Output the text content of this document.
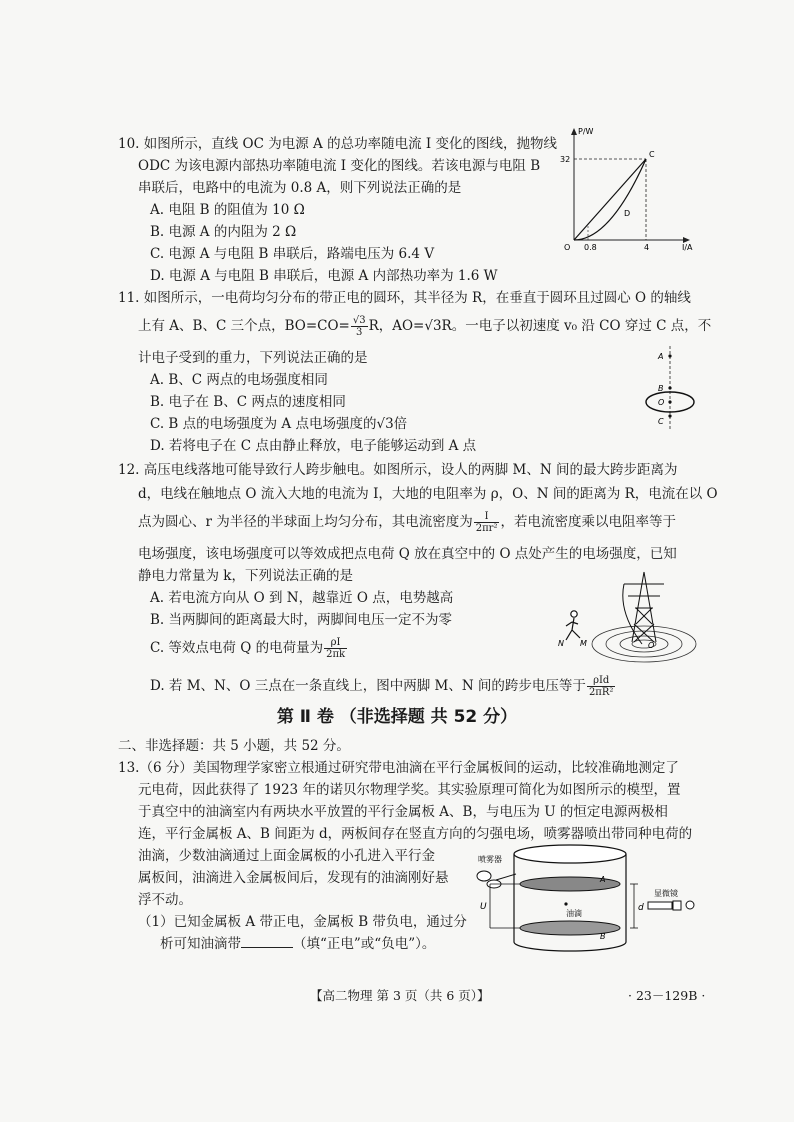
10. 如图所示，直线 OC 为电源 A 的总功率随电流 I 变化的图线，抛物线
ODC 为该电源内部热功率随电流 I 变化的图线。若该电源与电阻 B
串联后，电路中的电流为 0.8 A，则下列说法正确的是
A. 电阻 B 的阻值为 10 Ω
B. 电源 A 的内阻为 2 Ω
C. 电源 A 与电阻 B 串联后，路端电压为 6.4 V
D. 电源 A 与电阻 B 串联后，电源 A 内部热功率为 1.6 W
P/W
I/A
32
O 0.8	4
C
D
11. 如图所示，一电荷均匀分布的带正电的圆环，其半径为 R，在垂直于圆环且过圆心 O 的轴线
上有 A、B、C 三个点，$BO=CO= \frac{√3}{3}$ R，AO=√3R。一电子以初速度 v₀ 沿 CO 穿过 C 点，不
计电子受到的重力，下列说法正确的是
A. B、C 两点的电场强度相同
B. 电子在 B、C 两点的速度相同
C. B 点的电场强度为 A 点电场强度的√3倍
D. 若将电子在 C 点由静止释放，电子能够运动到 A 点
A
B
O
C
12. 高压电线落地可能导致行人跨步触电。如图所示，设人的两脚 M、N 间的最大跨步距离为
d，电线在触地点 O 流入大地的电流为 I，大地的电阻率为 ρ，O、N 间的距离为 R，电流在以 O
点为圆心、r 为半径的半球面上均匀分布，其电流密度为 $\frac{I}{\text{2πr²}}$ ，若电流密度乘以电阻率等于
电场强度，该电场强度可以等效成把点电荷 Q 放在真空中的 O 点处产生的电场强度，已知
静电力常量为 k，下列说法正确的是
A. 若电流方向从 O 到 N，越靠近 O 点，电势越高
B. 当两脚间的距离最大时，两脚间电压一定不为零
C. 等效点电荷 Q 的电荷量为 $\frac{\rho I}{2\pi k}$
D. 若 M、N、O 三点在一条直线上，图中两脚 M、N 间的跨步电压等于 $\frac{\text{ρId}}{\text{2πR²}}$
N M	O
第 Ⅱ 卷 （非选择题 共 52 分）
二、非选择题：共 5 小题，共 52 分。
13.（6 分）美国物理学家密立根通过研究带电油滴在平行金属板间的运动，比较准确地测定了
元电荷，因此获得了 1923 年的诺贝尔物理学奖。其实验原理可简化为如图所示的模型，置
于真空中的油滴室内有两块水平放置的平行金属板 A、B，与电压为 U 的恒定电源两极相
连，平行金属板 A、B 间距为 d，两板间存在竖直方向的匀强电场，喷雾器喷出带同种电荷的
油滴，少数油滴通过上面金属板的小孔进入平行金
属板间，油滴进入金属板间后，发现有的油滴刚好悬
浮不动。
（1）已知金属板 A 带正电，金属板 B 带负电，通过分
析可知油滴带	（填“正电”或“负电”）。
喷雾器
显微镜
油滴
U	d
A
B
【高二物理 第 3 页（共 6 页）】	· 23－129B ·
